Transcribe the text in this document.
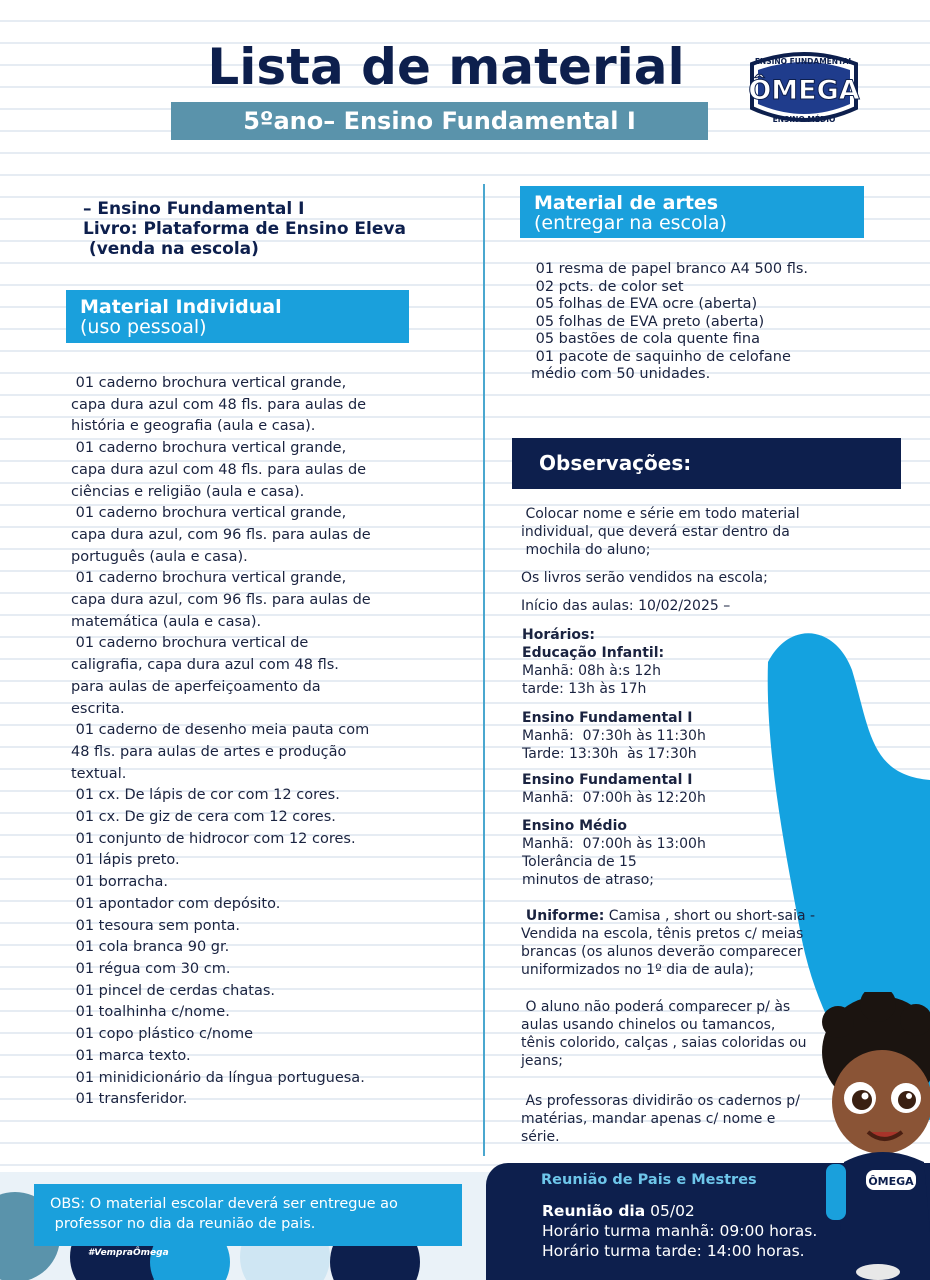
Lista de material
5ºano– Ensino Fundamental I
ENSINO FUNDAMENTAL
ÔMEGA
ENSINO MÉDIO
– Ensino Fundamental I
Livro: Plataforma de Ensino Eleva
(venda na escola)
Material Individual
(uso pessoal)
01 caderno brochura vertical grande,
capa dura azul com 48 fls. para aulas de
história e geografia (aula e casa).
01 caderno brochura vertical grande,
capa dura azul com 48 fls. para aulas de
ciências e religião (aula e casa).
01 caderno brochura vertical grande,
capa dura azul, com 96 fls. para aulas de
português (aula e casa).
01 caderno brochura vertical grande,
capa dura azul, com 96 fls. para aulas de
matemática (aula e casa).
01 caderno brochura vertical de
caligrafia, capa dura azul com 48 fls.
para aulas de aperfeiçoamento da
escrita.
01 caderno de desenho meia pauta com
48 fls. para aulas de artes e produção
textual.
01 cx. De lápis de cor com 12 cores.
01 cx. De giz de cera com 12 cores.
01 conjunto de hidrocor com 12 cores.
01 lápis preto.
01 borracha.
01 apontador com depósito.
01 tesoura sem ponta.
01 cola branca 90 gr.
01 régua com 30 cm.
01 pincel de cerdas chatas.
01 toalhinha c/nome.
01 copo plástico c/nome
01 marca texto.
01 minidicionário da língua portuguesa.
01 transferidor.
Material de artes
(entregar na escola)
01 resma de papel branco A4 500 fls.
02 pcts. de color set
05 folhas de EVA ocre (aberta)
05 folhas de EVA preto (aberta)
05 bastões de cola quente fina
01 pacote de saquinho de celofane
médio com 50 unidades.
Observações:
Colocar nome e série em todo material
individual, que deverá estar dentro da
mochila do aluno;
Os livros serão vendidos na escola;
Início das aulas: 10/02/2025 –
Horários:
Educação Infantil:
Manhã: 08h à:s 12h
tarde: 13h às 17h
Ensino Fundamental I
Manhã:  07:30h às 11:30h
Tarde: 13:30h  às 17:30h
Ensino Fundamental I
Manhã:  07:00h às 12:20h
Ensino Médio
Manhã:  07:00h às 13:00h
Tolerância de 15
minutos de atraso;
Uniforme: Camisa , short ou short-saia -
Vendida na escola, tênis pretos c/ meias
brancas (os alunos deverão comparecer
uniformizados no 1º dia de aula);
O aluno não poderá comparecer p/ às
aulas usando chinelos ou tamancos,
tênis colorido, calças , saias coloridas ou
jeans;
As professoras dividirão os cadernos p/
matérias, mandar apenas c/ nome e
série.
#VempraÔmega
OBS: O material escolar deverá ser entregue ao
professor no dia da reunião de pais.
Reunião de Pais e Mestres
Reunião dia 05/02
Horário turma manhã: 09:00 horas.
Horário turma tarde: 14:00 horas.
ÔMEGA
